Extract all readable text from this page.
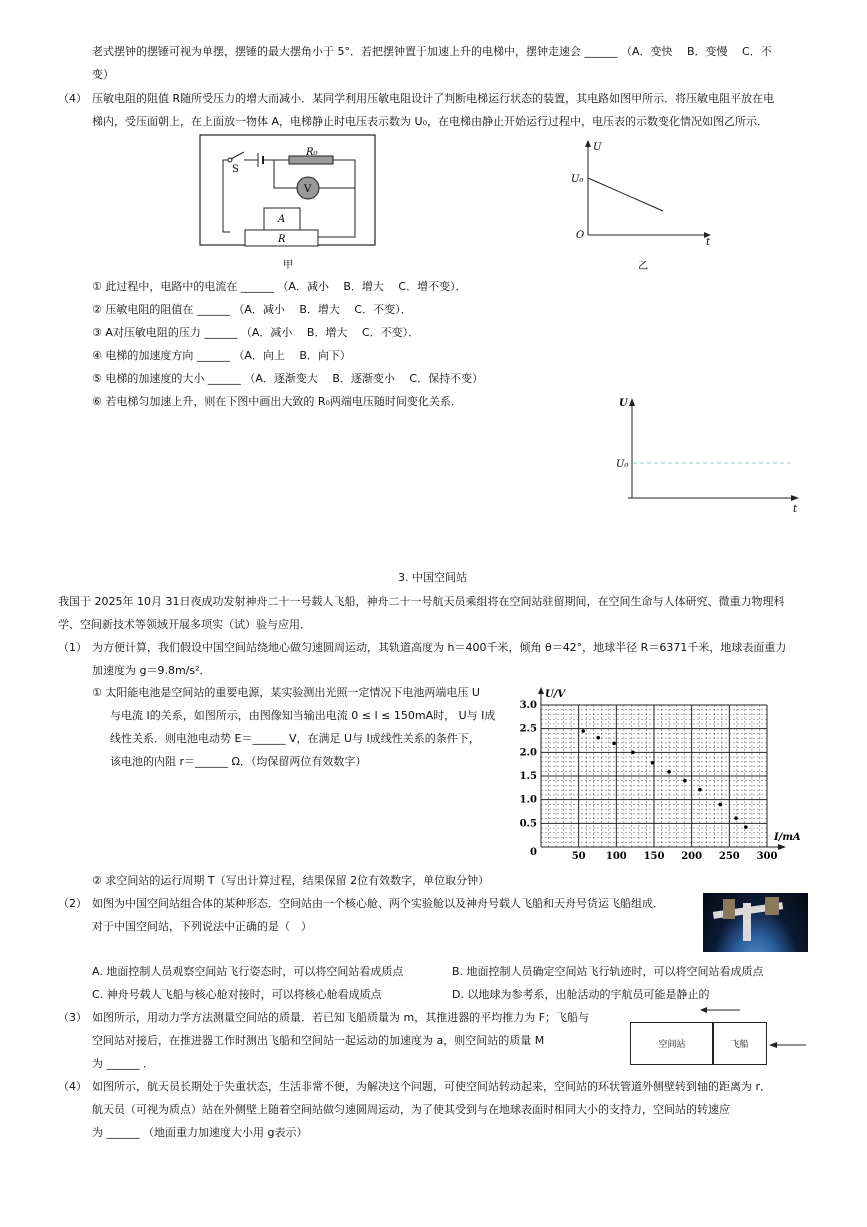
老式摆钟的摆锤可视为单摆，摆锤的最大摆角小于 5°．若把摆钟置于加速上升的电梯中，摆钟走速会 ______ （A．变快　 B．变慢　 C．不
变）
（4） 压敏电阻的阻值 R随所受压力的增大而减小．某同学利用压敏电阻设计了判断电梯运行状态的装置，其电路如图甲所示．将压敏电阻平放在电
梯内，受压面朝上，在上面放一物体 A，电梯静止时电压表示数为 U₀，在电梯由静止开始运行过程中，电压表的示数变化情况如图乙所示．
S
R₀
V
A
R
甲
U
t
U₀
O
乙
① 此过程中，电路中的电流在 ______ （A．减小　 B．增大　 C．增不变）．
② 压敏电阻的阻值在 ______ （A．减小　 B．增大　 C．不变）．
③ A对压敏电阻的压力 ______ （A．减小　 B．增大　 C．不变）．
④ 电梯的加速度方向 ______ （A．向上　 B．向下）
⑤ 电梯的加速度的大小 ______ （A．逐渐变大　 B．逐渐变小　 C．保持不变）
⑥ 若电梯匀加速上升，则在下图中画出大致的 R₀两端电压随时间变化关系．	U
t
U₀
3. 中国空间站
我国于 2025年 10月 31日夜成功发射神舟二十一号载人飞船，神舟二十一号航天员乘组将在空间站驻留期间，在空间生命与人体研究、微重力物理科
学、空间新技术等领域开展多项实（试）验与应用．
（1） 为方便计算，我们假设中国空间站绕地心做匀速圆周运动，其轨道高度为 h＝400千米，倾角 θ＝42°，地球半径 R＝6371千米，地球表面重力
加速度为 g＝9.8m/s²．
① 太阳能电池是空间站的重要电源，某实验测出光照一定情况下电池两端电压 U
与电流 I的关系，如图所示，由图像知当输出电流 0 ≤ I ≤ 150mA时， U与 I成
线性关系．则电池电动势 E＝______ V，在满足 U与 I成线性关系的条件下，
该电池的内阻 r＝______ Ω．（均保留两位有效数字）
50 100 150 200 250 300
0
0.5
1.0
1.5
2.0
2.5
3.0
U/V
I/mA
② 求空间站的运行周期 T（写出计算过程，结果保留 2位有效数字，单位取分钟）
（2） 如图为中国空间站组合体的某种形态．空间站由一个核心舱、两个实验舱以及神舟号载人飞船和天舟号货运飞船组成．
对于中国空间站，下列说法中正确的是（　）
A. 地面控制人员观察空间站飞行姿态时，可以将空间站看成质点	B. 地面控制人员确定空间站飞行轨迹时，可以将空间站看成质点
C. 神舟号载人飞船与核心舱对接时，可以将核心舱看成质点	D. 以地球为参考系，出舱活动的宇航员可能是静止的
（3） 如图所示，用动力学方法测量空间站的质量．若已知飞船质量为 m，其推进器的平均推力为 F；飞船与
空间站对接后，在推进器工作时测出飞船和空间站一起运动的加速度为 a，则空间站的质量 M
为 ______ ．
空间站	飞船
（4） 如图所示，航天员长期处于失重状态，生活非常不便，为解决这个问题，可使空间站转动起来，空间站的环状管道外侧壁转到轴的距离为 r．
航天员（可视为质点）站在外侧壁上随着空间站做匀速圆周运动，为了使其受到与在地球表面时相同大小的支持力，空间站的转速应
为 ______ （地面重力加速度大小用 g表示）
